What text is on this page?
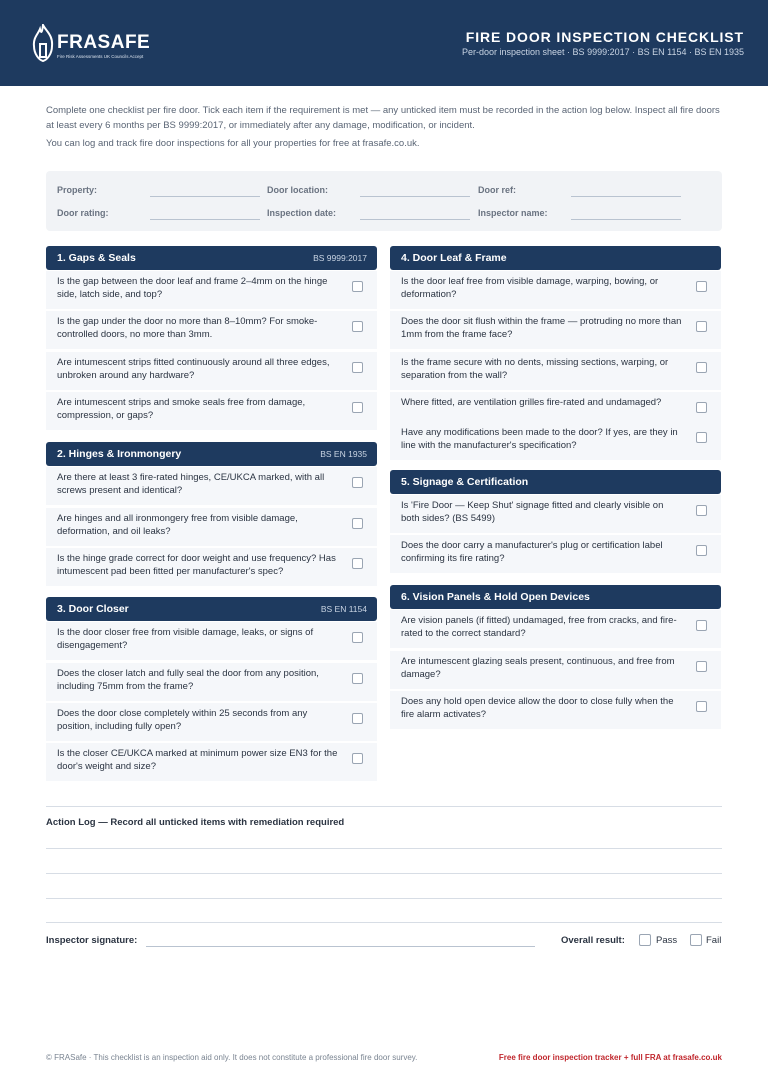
FRASAFE
Fire Risk Assessments UK Councils Accept
FIRE DOOR INSPECTION CHECKLIST
Per-door inspection sheet · BS 9999:2017 · BS EN 1154 · BS EN 1935
Complete one checklist per fire door. Tick each item if the requirement is met — any unticked item must be recorded in the action log below. Inspect all fire doors at least every 6 months per BS 9999:2017, or immediately after any damage, modification, or incident.
You can log and track fire door inspections for all your properties for free at frasafe.co.uk.
Property:	Door location:	Door ref:
Door rating:	Inspection date:	Inspector name:
1. Gaps & Seals	BS 9999:2017
Is the gap between the door leaf and frame 2–4mm on the hinge side, latch side, and top?
Is the gap under the door no more than 8–10mm? For smoke-controlled doors, no more than 3mm.
Are intumescent strips fitted continuously around all three edges, unbroken around any hardware?
Are intumescent strips and smoke seals free from damage, compression, or gaps?
2. Hinges & Ironmongery	BS EN 1935
Are there at least 3 fire-rated hinges, CE/UKCA marked, with all screws present and identical?
Are hinges and all ironmongery free from visible damage, deformation, and oil leaks?
Is the hinge grade correct for door weight and use frequency? Has intumescent pad been fitted per manufacturer's spec?
3. Door Closer	BS EN 1154
Is the door closer free from visible damage, leaks, or signs of disengagement?
Does the closer latch and fully seal the door from any position, including 75mm from the frame?
Does the door close completely within 25 seconds from any position, including fully open?
Is the closer CE/UKCA marked at minimum power size EN3 for the door's weight and size?
4. Door Leaf & Frame
Is the door leaf free from visible damage, warping, bowing, or deformation?
Does the door sit flush within the frame — protruding no more than 1mm from the frame face?
Is the frame secure with no dents, missing sections, warping, or separation from the wall?
Where fitted, are ventilation grilles fire-rated and undamaged?
Have any modifications been made to the door? If yes, are they in line with the manufacturer's specification?
5. Signage & Certification
Is 'Fire Door — Keep Shut' signage fitted and clearly visible on both sides? (BS 5499)
Does the door carry a manufacturer's plug or certification label confirming its fire rating?
6. Vision Panels & Hold Open Devices
Are vision panels (if fitted) undamaged, free from cracks, and fire-rated to the correct standard?
Are intumescent glazing seals present, continuous, and free from damage?
Does any hold open device allow the door to close fully when the fire alarm activates?
Action Log — Record all unticked items with remediation required
Inspector signature:	Overall result:	Pass	Fail
© FRASafe · This checklist is an inspection aid only. It does not constitute a professional fire door survey.	Free fire door inspection tracker + full FRA at frasafe.co.uk
